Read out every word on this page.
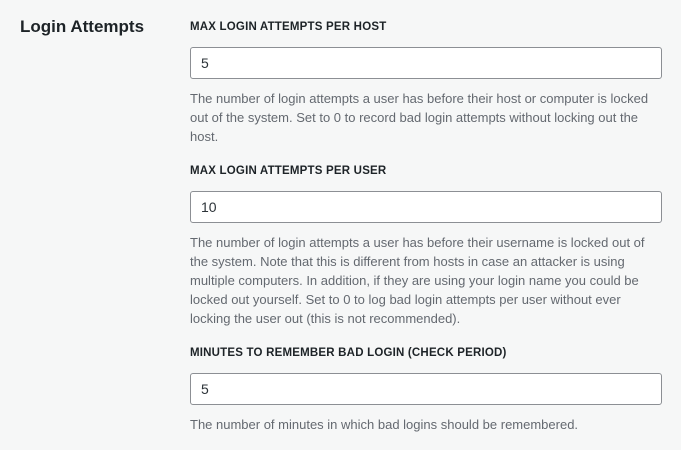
Login Attempts	MAX LOGIN ATTEMPTS PER HOST
5

The number of login attempts a user has before their host or computer is locked out of the system. Set to 0 to record bad login attempts without locking out the host.

MAX LOGIN ATTEMPTS PER USER
10

The number of login attempts a user has before their username is locked out of the system. Note that this is different from hosts in case an attacker is using multiple computers. In addition, if they are using your login name you could be locked out yourself. Set to 0 to log bad login attempts per user without ever locking the user out (this is not recommended).

MINUTES TO REMEMBER BAD LOGIN (CHECK PERIOD)
5

The number of minutes in which bad logins should be remembered.
